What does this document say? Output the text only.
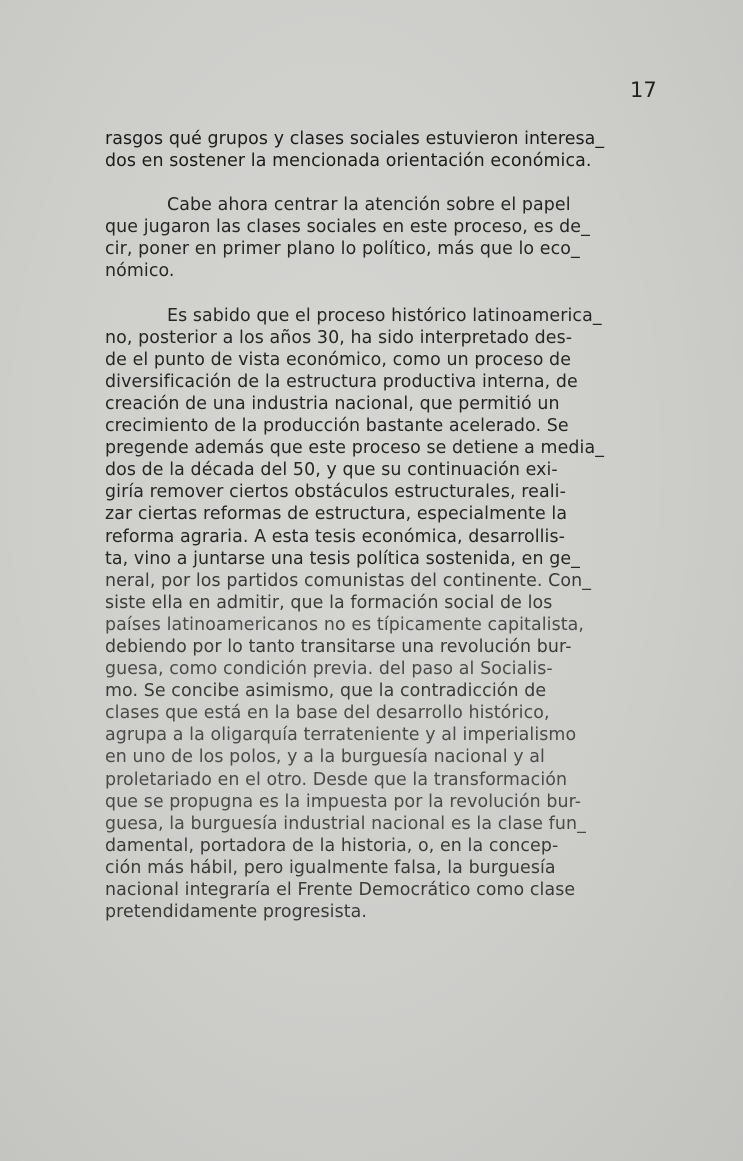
17

rasgos qué grupos y clases sociales estuvieron interesa_
dos en sostener la mencionada orientación económica.

Cabe ahora centrar la atención sobre el papel
que jugaron las clases sociales en este proceso, es de_
cir, poner en primer plano lo político, más que lo eco_
nómico.

Es sabido que el proceso histórico latinoamerica_
no, posterior a los años 30, ha sido interpretado des-
de el punto de vista económico, como un proceso de
diversificación de la estructura productiva interna, de
creación de una industria nacional, que permitió un
crecimiento de la producción bastante acelerado. Se
pregende además que este proceso se detiene a media_
dos de la década del 50, y que su continuación exi-
giría remover ciertos obstáculos estructurales, reali-
zar ciertas reformas de estructura, especialmente la
reforma agraria. A esta tesis económica, desarrollis-
ta, vino a juntarse una tesis política sostenida, en ge_
neral, por los partidos comunistas del continente. Con_
siste ella en admitir, que la formación social de los
países latinoamericanos no es típicamente capitalista,
debiendo por lo tanto transitarse una revolución bur-
guesa, como condición previa. del paso al Socialis-
mo. Se concibe asimismo, que la contradicción de
clases que está en la base del desarrollo histórico,
agrupa a la oligarquía terrateniente y al imperialismo
en uno de los polos, y a la burguesía nacional y al
proletariado en el otro. Desde que la transformación
que se propugna es la impuesta por la revolución bur-
guesa, la burguesía industrial nacional es la clase fun_
damental, portadora de la historia, o, en la concep-
ción más hábil, pero igualmente falsa, la burguesía
nacional integraría el Frente Democrático como clase
pretendidamente progresista.
